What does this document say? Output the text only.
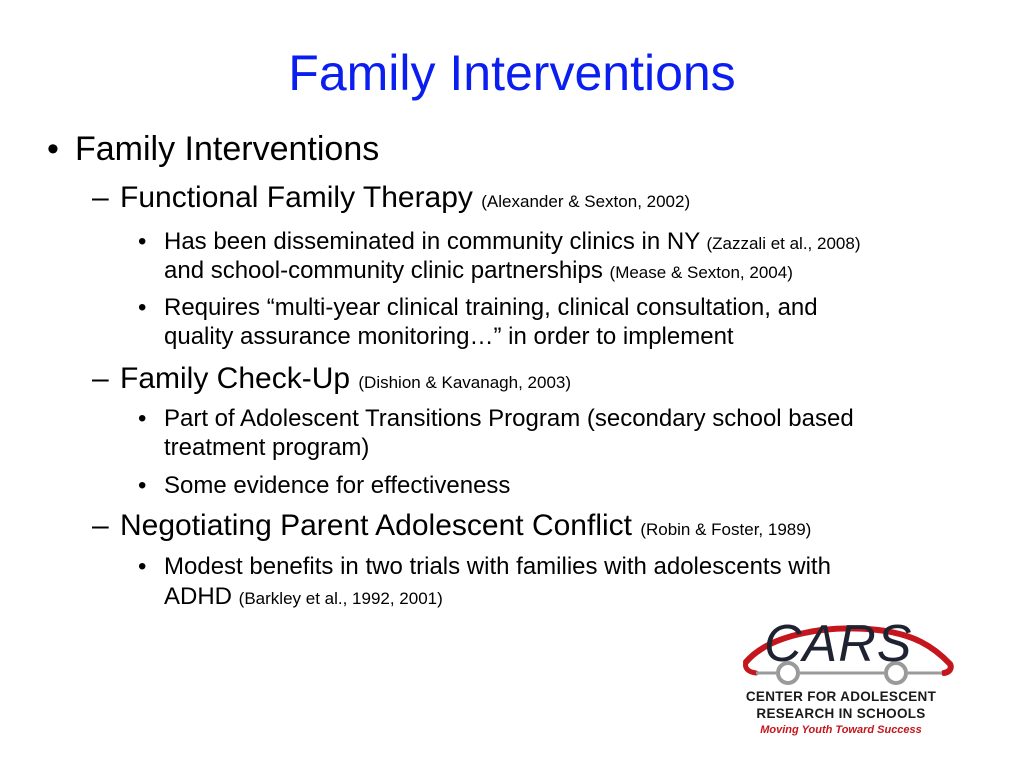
Family Interventions
• Family Interventions
– Functional Family Therapy (Alexander & Sexton, 2002)
• Has been disseminated in community clinics in NY (Zazzali et al., 2008)
and school-community clinic partnerships (Mease & Sexton, 2004)
• Requires “multi-year clinical training, clinical consultation, and
quality assurance monitoring…” in order to implement
– Family Check-Up (Dishion & Kavanagh, 2003)
• Part of Adolescent Transitions Program (secondary school based
treatment program)
• Some evidence for effectiveness
– Negotiating Parent Adolescent Conflict (Robin & Foster, 1989)
• Modest benefits in two trials with families with adolescents with
ADHD (Barkley et al., 1992, 2001)
CARS
CENTER FOR ADOLESCENT
RESEARCH IN SCHOOLS
Moving Youth Toward Success
